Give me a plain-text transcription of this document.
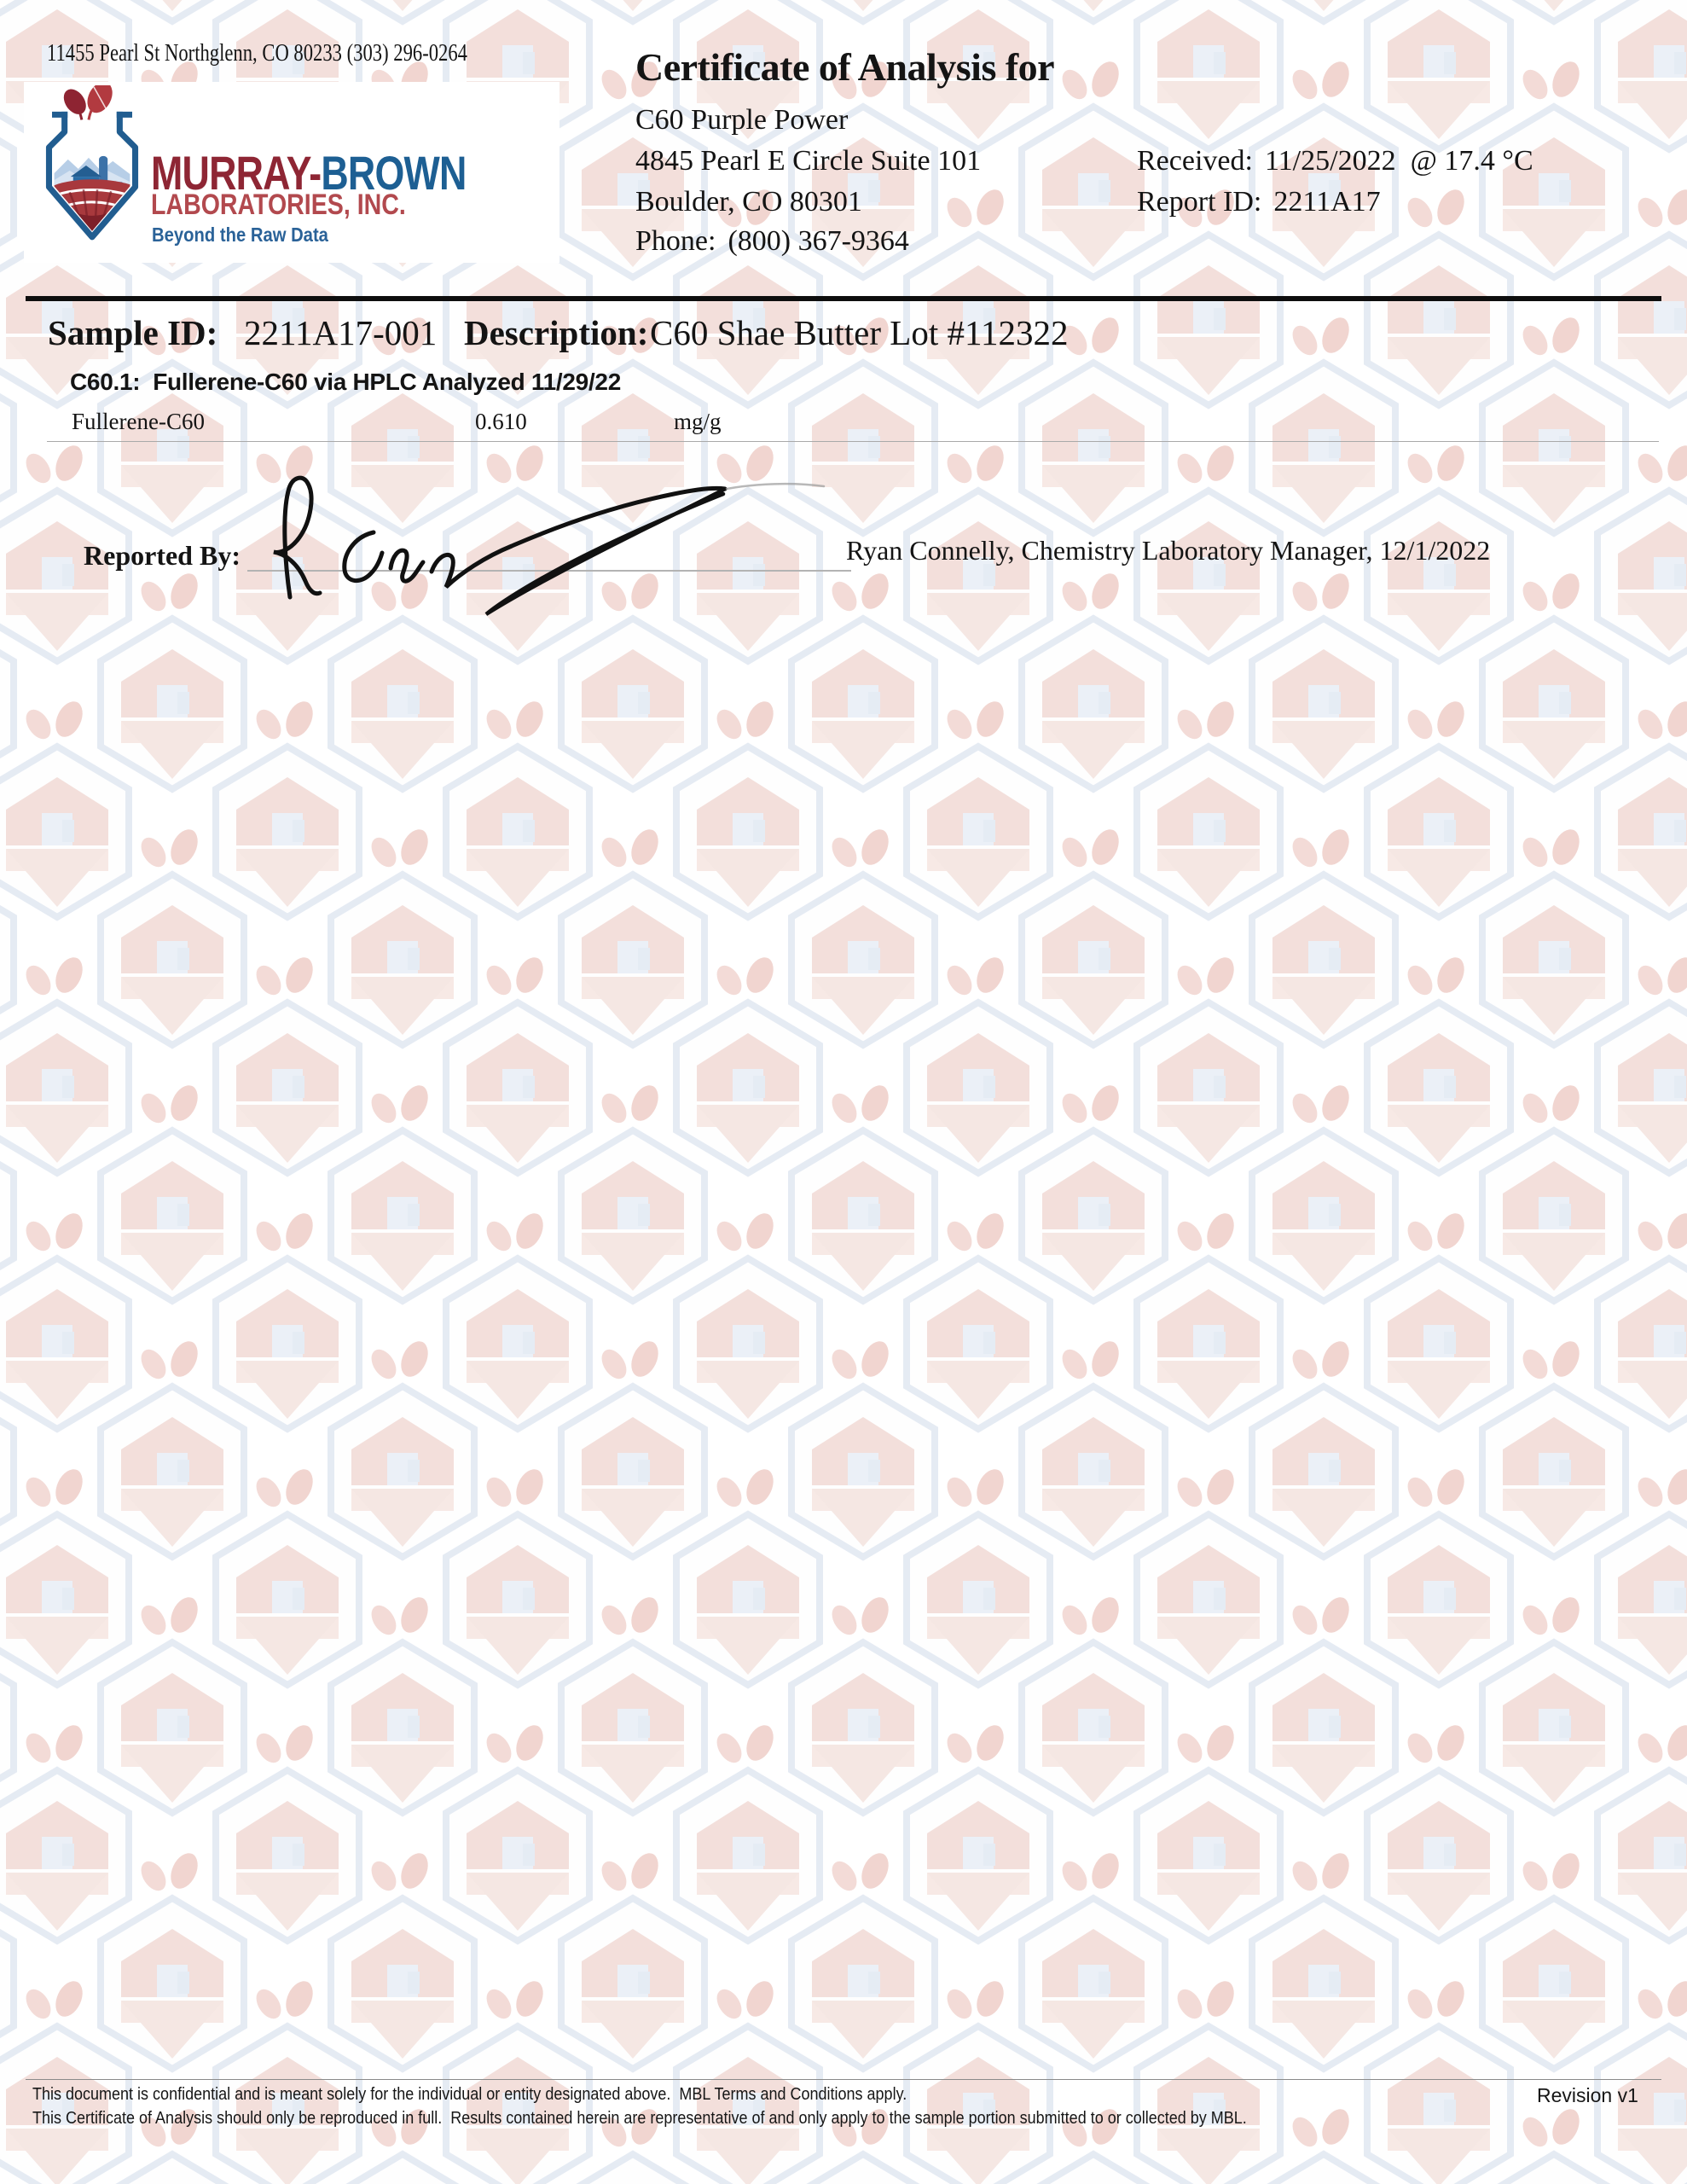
11455 Pearl St Northglenn, CO 80233 (303) 296-0264
MURRAY-BROWN
LABORATORIES, INC.
Beyond the Raw Data
Certificate of Analysis for
C60 Purple Power
4845 Pearl E Circle Suite 101
Boulder, CO 80301
Phone: (800) 367-9364
Received: 11/25/2022  @ 17.4 °C
Report ID: 2211A17
Sample ID: 2211A17-001 Description: C60 Shae Butter Lot #112322
C60.1:  Fullerene-C60 via HPLC Analyzed 11/29/22
Fullerene-C60	0.610	mg/g
Reported By:	Ryan Connelly, Chemistry Laboratory Manager, 12/1/2022
This document is confidential and is meant solely for the individual or entity designated above.  MBL Terms and Conditions apply.
This Certificate of Analysis should only be reproduced in full.  Results contained herein are representative of and only apply to the sample portion submitted to or collected by MBL.
Revision v1
